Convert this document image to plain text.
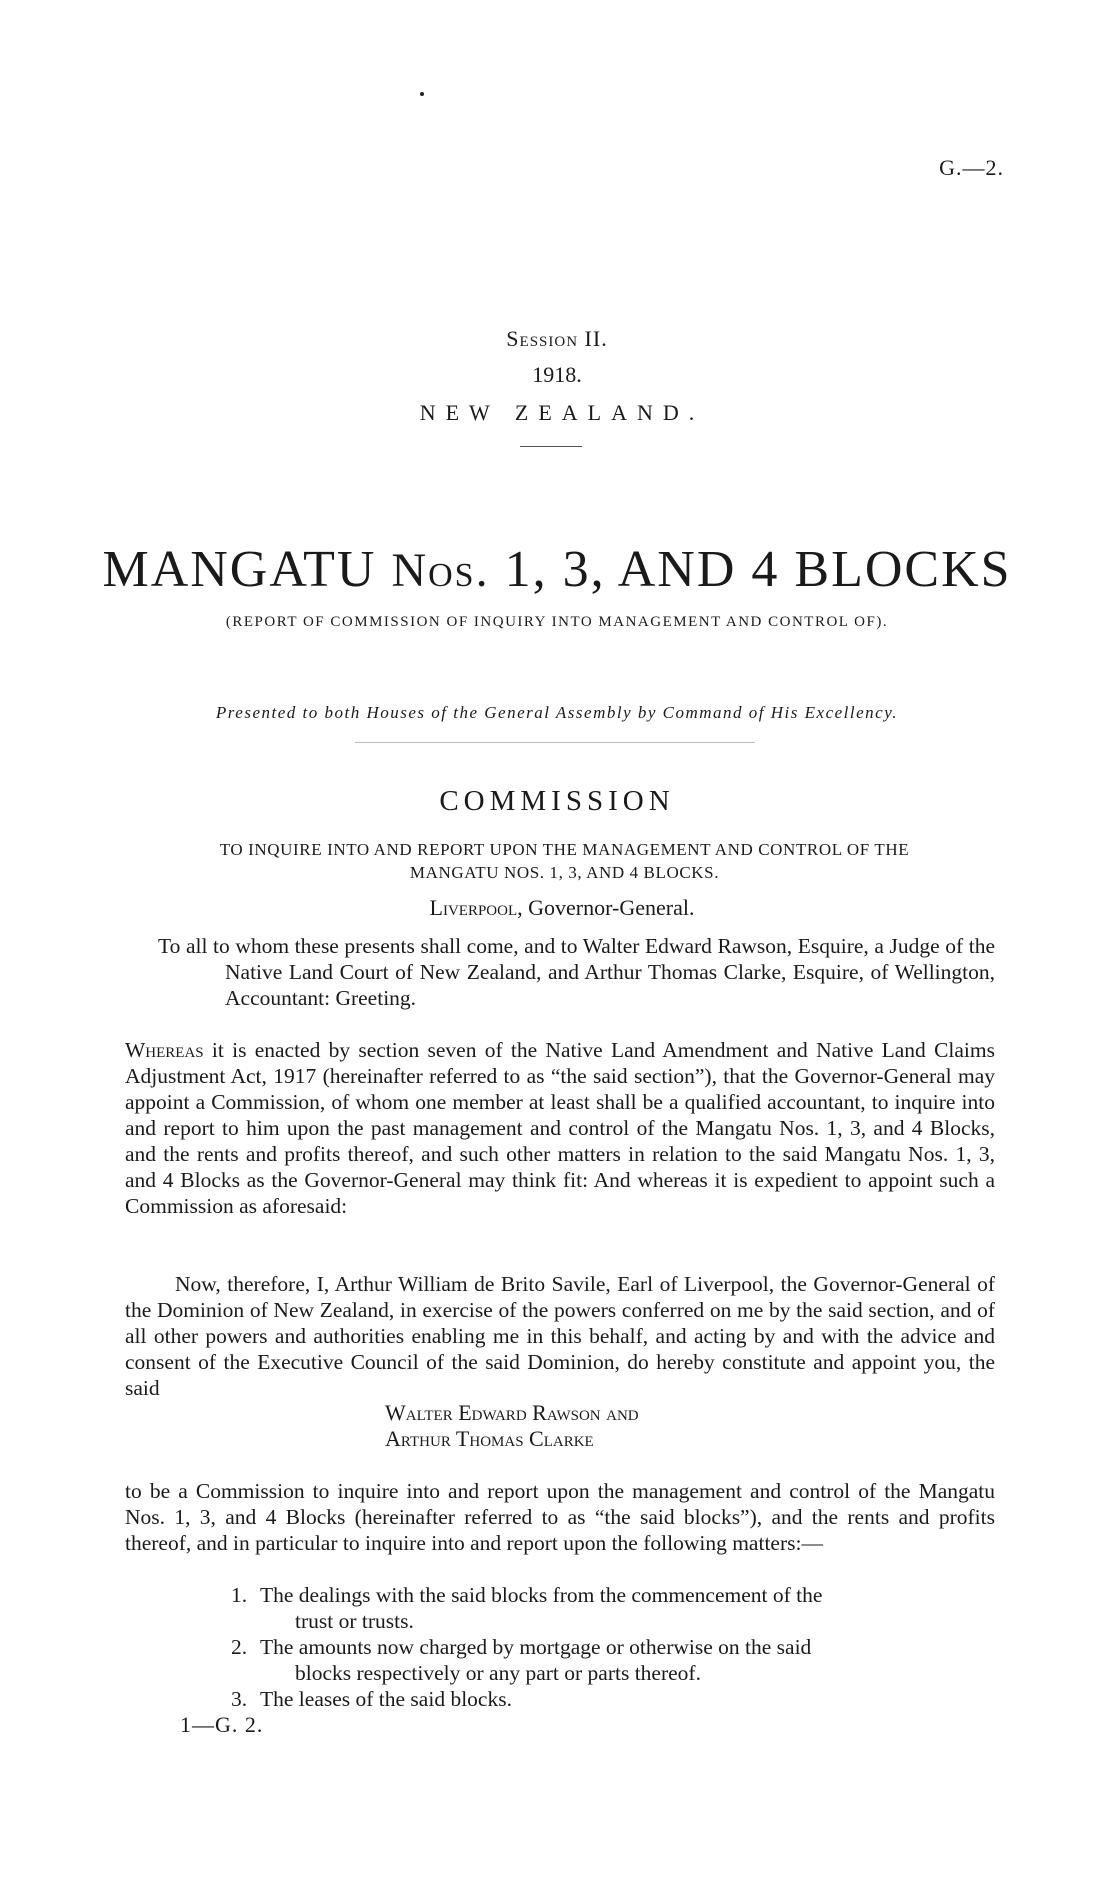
G.—2.
Session II.
1918.
NEW ZEALAND.
MANGATU Nos. 1, 3, AND 4 BLOCKS
(REPORT OF COMMISSION OF INQUIRY INTO MANAGEMENT AND CONTROL OF).
Presented to both Houses of the General Assembly by Command of His Excellency.
COMMISSION
TO INQUIRE INTO AND REPORT UPON THE MANAGEMENT AND CONTROL OF THE
MANGATU NOS. 1, 3, AND 4 BLOCKS.
Liverpool, Governor-General.

To all to whom these presents shall come, and to Walter Edward Rawson, Esquire, a Judge of the Native Land Court of New Zealand, and Arthur Thomas Clarke, Esquire, of Wellington, Accountant: Greeting.

Whereas it is enacted by section seven of the Native Land Amendment and Native Land Claims Adjustment Act, 1917 (hereinafter referred to as “the said section”), that the Governor-General may appoint a Commission, of whom one member at least shall be a qualified accountant, to inquire into and report to him upon the past management and control of the Mangatu Nos. 1, 3, and 4 Blocks, and the rents and profits thereof, and such other matters in relation to the said Mangatu Nos. 1, 3, and 4 Blocks as the Governor-General may think fit: And whereas it is expedient to appoint such a Commission as aforesaid:

Now, therefore, I, Arthur William de Brito Savile, Earl of Liverpool, the Governor-General of the Dominion of New Zealand, in exercise of the powers conferred on me by the said section, and of all other powers and authorities enabling me in this behalf, and acting by and with the advice and consent of the Executive Council of the said Dominion, do hereby constitute and appoint you, the said

Walter Edward Rawson and
Arthur Thomas Clarke

to be a Commission to inquire into and report upon the management and control of the Mangatu Nos. 1, 3, and 4 Blocks (hereinafter referred to as “the said blocks”), and the rents and profits thereof, and in particular to inquire into and report upon the following matters:—

1. The dealings with the said blocks from the commencement of the
trust or trusts.

2. The amounts now charged by mortgage or otherwise on the said
blocks respectively or any part or parts thereof.

3. The leases of the said blocks.

1—G. 2.
